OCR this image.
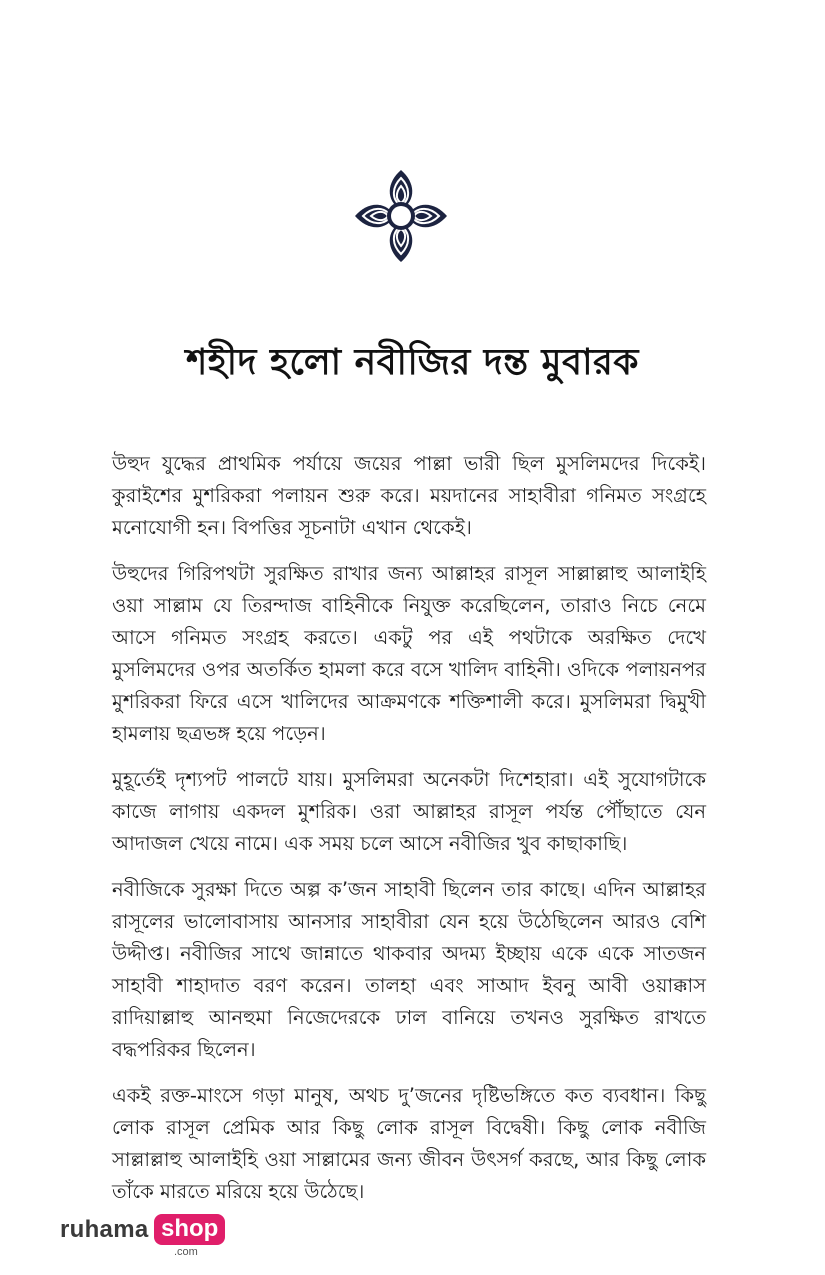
শহীদ হলো নবীজির দন্ত মুবারক

উহুদ যুদ্ধের প্রাথমিক পর্যায়ে জয়ের পাল্লা ভারী ছিল মুসলিমদের দিকেই। কুরাইশের মুশরিকরা পলায়ন শুরু করে। ময়দানের সাহাবীরা গনিমত সংগ্রহে মনোযোগী হন। বিপত্তির সূচনাটা এখান থেকেই।

উহুদের গিরিপথটা সুরক্ষিত রাখার জন্য আল্লাহর রাসূল সাল্লাল্লাহু আলাইহি ওয়া সাল্লাম যে তিরন্দাজ বাহিনীকে নিযুক্ত করেছিলেন, তারাও নিচে নেমে আসে গনিমত সংগ্রহ করতে। একটু পর এই পথটাকে অরক্ষিত দেখে মুসলিমদের ওপর অতর্কিত হামলা করে বসে খালিদ বাহিনী। ওদিকে পলায়নপর মুশরিকরা ফিরে এসে খালিদের আক্রমণকে শক্তিশালী করে। মুসলিমরা দ্বিমুখী হামলায় ছত্রভঙ্গ হয়ে পড়েন।

মুহূর্তেই দৃশ্যপট পালটে যায়। মুসলিমরা অনেকটা দিশেহারা। এই সুযোগটাকে কাজে লাগায় একদল মুশরিক। ওরা আল্লাহর রাসূল পর্যন্ত পৌঁছাতে যেন আদাজল খেয়ে নামে। এক সময় চলে আসে নবীজির খুব কাছাকাছি।

নবীজিকে সুরক্ষা দিতে অল্প ক’জন সাহাবী ছিলেন তার কাছে। এদিন আল্লাহর রাসূলের ভালোবাসায় আনসার সাহাবীরা যেন হয়ে উঠেছিলেন আরও বেশি উদ্দীপ্ত। নবীজির সাথে জান্নাতে থাকবার অদম্য ইচ্ছায় একে একে সাতজন সাহাবী শাহাদাত বরণ করেন। তালহা এবং সাআদ ইবনু আবী ওয়াক্কাস রাদিয়াল্লাহু আনহুমা নিজেদেরকে ঢাল বানিয়ে তখনও সুরক্ষিত রাখতে বদ্ধপরিকর ছিলেন।

একই রক্ত-মাংসে গড়া মানুষ, অথচ দু’জনের দৃষ্টিভঙ্গিতে কত ব্যবধান। কিছু লোক রাসূল প্রেমিক আর কিছু লোক রাসূল বিদ্বেষী। কিছু লোক নবীজি সাল্লাল্লাহু আলাইহি ওয়া সাল্লামের জন্য জীবন উৎসর্গ করছে, আর কিছু লোক তাঁকে মারতে মরিয়ে হয়ে উঠেছে।

ruhama shop
.com
